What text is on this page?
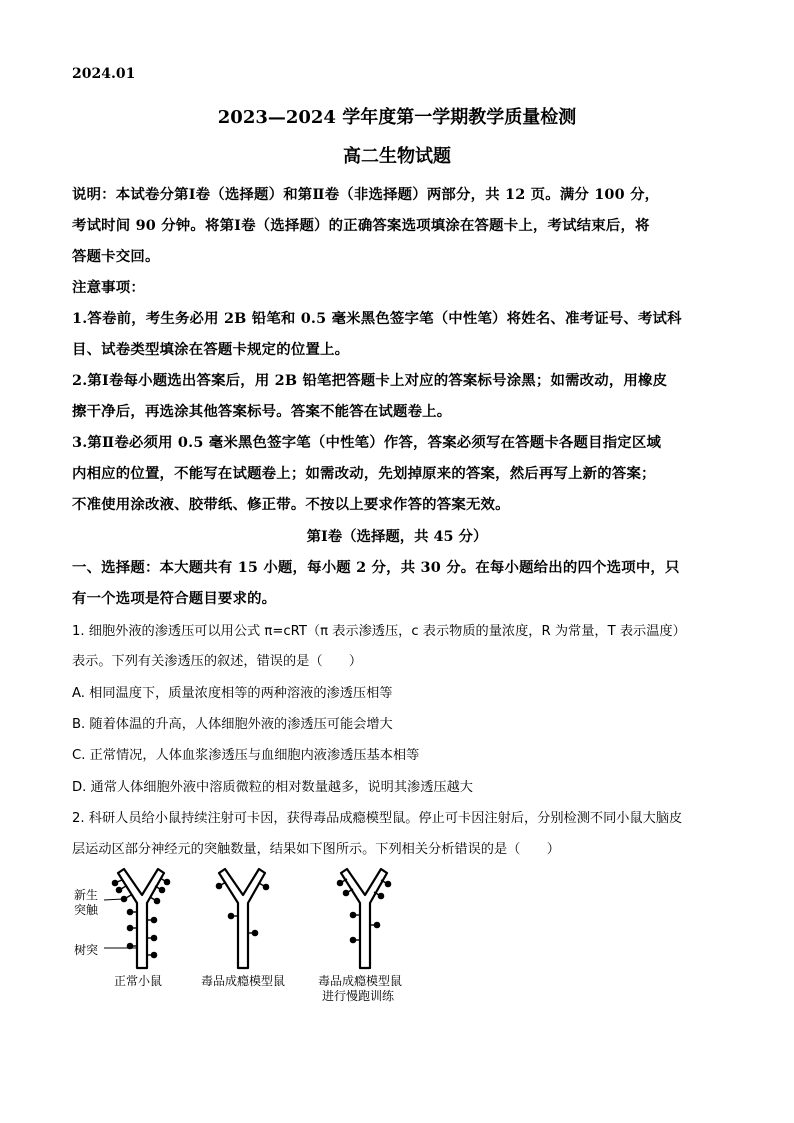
2024.01
2023—2024 学年度第一学期教学质量检测
高二生物试题
说明：本试卷分第Ⅰ卷（选择题）和第Ⅱ卷（非选择题）两部分，共 12 页。满分 100 分，
考试时间 90 分钟。将第Ⅰ卷（选择题）的正确答案选项填涂在答题卡上，考试结束后，将
答题卡交回。
注意事项：
1.答卷前，考生务必用 2B 铅笔和 0.5 毫米黑色签字笔（中性笔）将姓名、准考证号、考试科
目、试卷类型填涂在答题卡规定的位置上。
2.第Ⅰ卷每小题选出答案后，用 2B 铅笔把答题卡上对应的答案标号涂黑；如需改动，用橡皮
擦干净后，再选涂其他答案标号。答案不能答在试题卷上。
3.第Ⅱ卷必须用 0.5 毫米黑色签字笔（中性笔）作答，答案必须写在答题卡各题目指定区域
内相应的位置，不能写在试题卷上；如需改动，先划掉原来的答案，然后再写上新的答案；
不准使用涂改液、胶带纸、修正带。不按以上要求作答的答案无效。
第Ⅰ卷（选择题，共 45 分）
一、选择题：本大题共有 15 小题，每小题 2 分，共 30 分。在每小题给出的四个选项中，只
有一个选项是符合题目要求的。
1. 细胞外液的渗透压可以用公式 π=cRT（π 表示渗透压，c 表示物质的量浓度，R 为常量，T 表示温度）
表示。下列有关渗透压的叙述，错误的是（　　）
A. 相同温度下，质量浓度相等的两种溶液的渗透压相等
B. 随着体温的升高，人体细胞外液的渗透压可能会增大
C. 正常情况，人体血浆渗透压与血细胞内液渗透压基本相等
D. 通常人体细胞外液中溶质微粒的相对数量越多，说明其渗透压越大
2. 科研人员给小鼠持续注射可卡因，获得毒品成瘾模型鼠。停止可卡因注射后，分别检测不同小鼠大脑皮
层运动区部分神经元的突触数量，结果如下图所示。下列相关分析错误的是（　　）
新生
突触
树突
正常小鼠	毒品成瘾模型鼠	毒品成瘾模型鼠
进行慢跑训练
